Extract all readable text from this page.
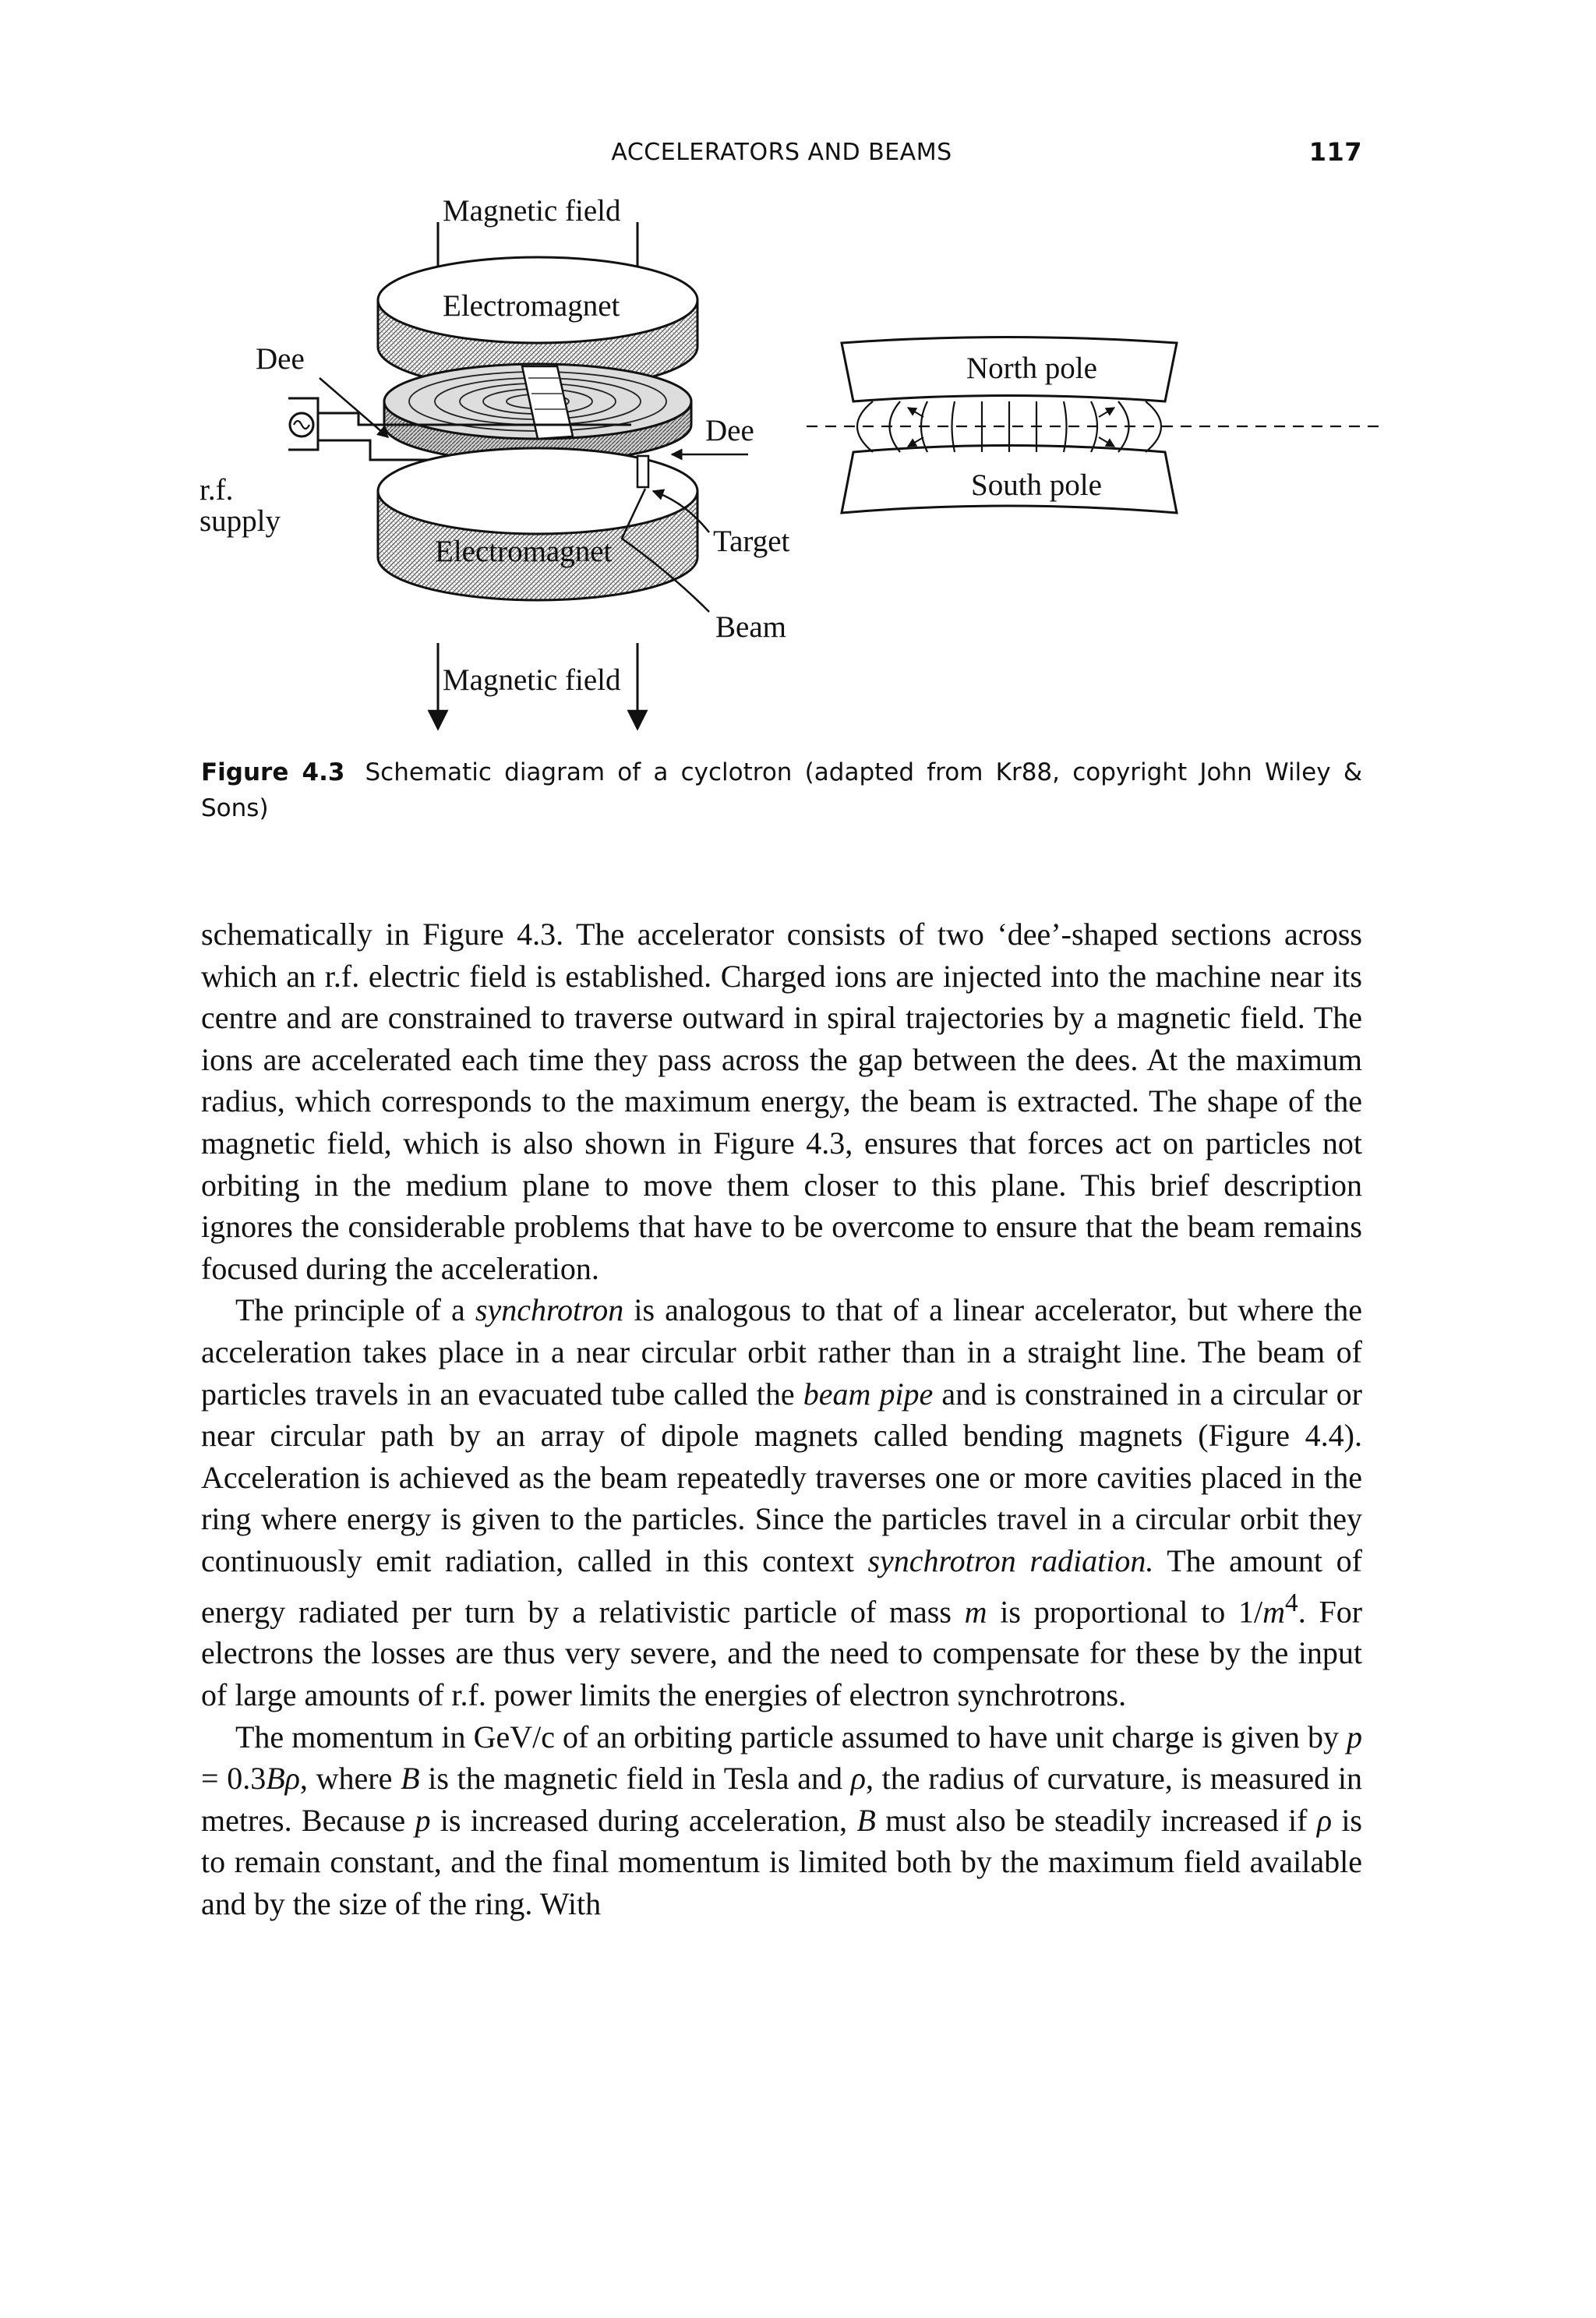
ACCELERATORS AND BEAMS	117
Magnetic field
Electromagnet
Electromagnet
Dee
Dee
r.f.
supply
Target
Beam
Magnetic field
North pole
South pole
Figure 4.3 Schematic diagram of a cyclotron (adapted from Kr88, copyright John Wiley & Sons)

schematically in Figure 4.3. The accelerator consists of two ‘dee’-shaped sections across which an r.f. electric field is established. Charged ions are injected into the machine near its centre and are constrained to traverse outward in spiral trajectories by a magnetic field. The ions are accelerated each time they pass across the gap between the dees. At the maximum radius, which corresponds to the maximum energy, the beam is extracted. The shape of the magnetic field, which is also shown in Figure 4.3, ensures that forces act on particles not orbiting in the medium plane to move them closer to this plane. This brief description ignores the considerable problems that have to be overcome to ensure that the beam remains focused during the acceleration.

The principle of a synchrotron is analogous to that of a linear accelerator, but where the acceleration takes place in a near circular orbit rather than in a straight line. The beam of particles travels in an evacuated tube called the beam pipe and is constrained in a circular or near circular path by an array of dipole magnets called bending magnets (Figure 4.4). Acceleration is achieved as the beam repeatedly traverses one or more cavities placed in the ring where energy is given to the particles. Since the particles travel in a circular orbit they continuously emit radiation, called in this context synchrotron radiation. The amount of energy radiated per turn by a relativistic particle of mass m is proportional to $1/m^4$. For electrons the losses are thus very severe, and the need to compensate for these by the input of large amounts of r.f. power limits the energies of electron synchrotrons.

The momentum in GeV/c of an orbiting particle assumed to have unit charge is given by p = 0.3Bρ, where B is the magnetic field in Tesla and ρ, the radius of curvature, is measured in metres. Because p is increased during acceleration, B must also be steadily increased if ρ is to remain constant, and the final momentum is limited both by the maximum field available and by the size of the ring. With
